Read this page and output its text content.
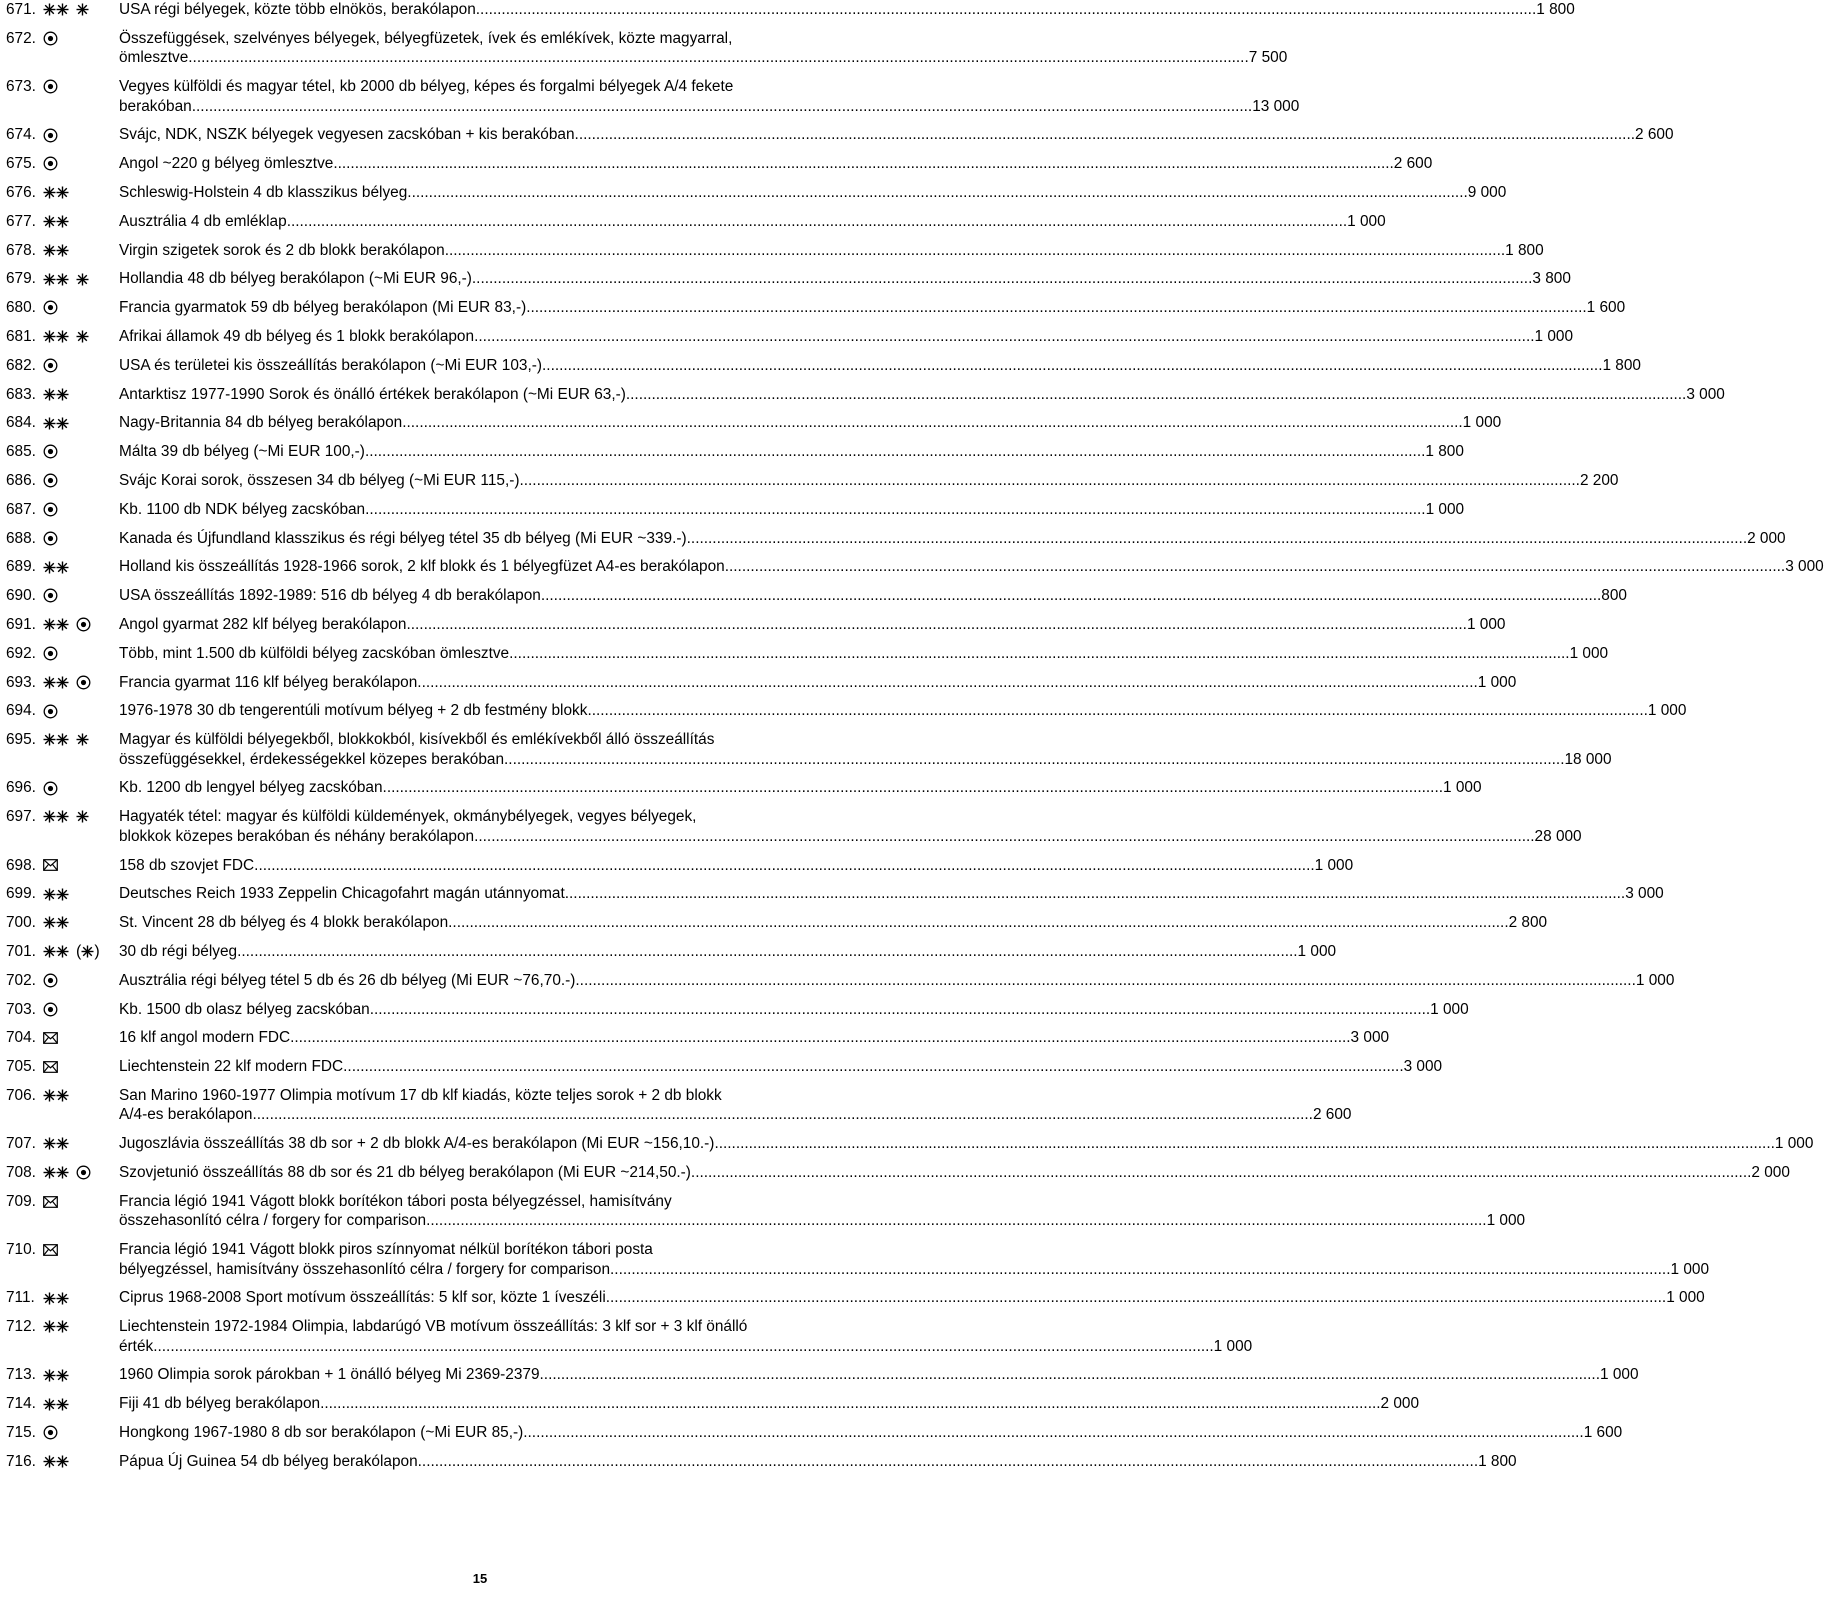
671.	USA régi bélyegek, közte több elnökös, berakólapon .....	1 800
672.	Összefüggések, szelvényes bélyegek, bélyegfüzetek, ívek és emlékívek, közte magyarral,
ömlesztve .....	7 500
673.	Vegyes külföldi és magyar tétel, kb 2000 db bélyeg, képes és forgalmi bélyegek A/4 fekete
berakóban .....	13 000
674.	Svájc, NDK, NSZK bélyegek vegyesen zacskóban + kis berakóban .....	2 600
675.	Angol ~220 g bélyeg ömlesztve .....	2 600
676.	Schleswig-Holstein 4 db klasszikus bélyeg .....	9 000
677.	Ausztrália 4 db emléklap .....	1 000
678.	Virgin szigetek sorok és 2 db blokk berakólapon .....	1 800
679.	Hollandia 48 db bélyeg berakólapon (~Mi EUR 96,-) .....	3 800
680.	Francia gyarmatok 59 db bélyeg berakólapon (Mi EUR 83,-) .....	1 600
681.	Afrikai államok 49 db bélyeg és 1 blokk berakólapon .....	1 000
682.	USA és területei kis összeállítás berakólapon (~Mi EUR 103,-) .....	1 800
683.	Antarktisz 1977-1990 Sorok és önálló értékek berakólapon (~Mi EUR 63,-) .....	3 000
684.	Nagy-Britannia 84 db bélyeg berakólapon .....	1 000
685.	Málta 39 db bélyeg (~Mi EUR 100,-) .....	1 800
686.	Svájc Korai sorok, összesen 34 db bélyeg (~Mi EUR 115,-) .....	2 200
687.	Kb. 1100 db NDK bélyeg zacskóban .....	1 000
688.	Kanada és Újfundland klasszikus és régi bélyeg tétel 35 db bélyeg (Mi EUR ~339.-) .....	2 000
689.	Holland kis összeállítás 1928-1966 sorok, 2 klf blokk és 1 bélyegfüzet A4-es berakólapon .....	3 000
690.	USA összeállítás 1892-1989: 516 db bélyeg 4 db berakólapon .....	800
691.	Angol gyarmat 282 klf bélyeg berakólapon .....	1 000
692.	Több, mint 1.500 db külföldi bélyeg zacskóban ömlesztve .....	1 000
693.	Francia gyarmat 116 klf bélyeg berakólapon .....	1 000
694.	1976-1978 30 db tengerentúli motívum bélyeg + 2 db festmény blokk .....	1 000
695.	Magyar és külföldi bélyegekből, blokkokból, kisívekből és emlékívekből álló összeállítás
összefüggésekkel, érdekességekkel közepes berakóban .....	18 000
696.	Kb. 1200 db lengyel bélyeg zacskóban .....	1 000
697.	Hagyaték tétel: magyar és külföldi küldemények, okmánybélyegek, vegyes bélyegek,
blokkok közepes berakóban és néhány berakólapon .....	28 000
698.	158 db szovjet FDC .....	1 000
699.	Deutsches Reich 1933 Zeppelin Chicagofahrt magán utánnyomat .....	3 000
700.	St. Vincent 28 db bélyeg és 4 blokk berakólapon .....	2 800
701.	( ) 30 db régi bélyeg .....	1 000
702.	Ausztrália régi bélyeg tétel 5 db és 26 db bélyeg (Mi EUR ~76,70.-) .....	1 000
703.	Kb. 1500 db olasz bélyeg zacskóban .....	1 000
704.	16 klf angol modern FDC .....	3 000
705.	Liechtenstein 22 klf modern FDC .....	3 000
706.	San Marino 1960-1977 Olimpia motívum 17 db klf kiadás, közte teljes sorok + 2 db blokk
A/4-es berakólapon .....	2 600
707.	Jugoszlávia összeállítás 38 db sor + 2 db blokk A/4-es berakólapon (Mi EUR ~156,10.-) .....	1 000
708.	Szovjetunió összeállítás 88 db sor és 21 db bélyeg berakólapon (Mi EUR ~214,50.-) .....	2 000
709.	Francia légió 1941 Vágott blokk borítékon tábori posta bélyegzéssel, hamisítvány
összehasonlító célra / forgery for comparison .....	1 000
710.	Francia légió 1941 Vágott blokk piros színnyomat nélkül borítékon tábori posta
bélyegzéssel, hamisítvány összehasonlító célra / forgery for comparison .....	1 000
711.	Ciprus 1968-2008 Sport motívum összeállítás: 5 klf sor, közte 1 íveszéli .....	1 000
712.	Liechtenstein 1972-1984 Olimpia, labdarúgó VB motívum összeállítás: 3 klf sor + 3 klf önálló
érték .....	1 000
713.	1960 Olimpia sorok párokban + 1 önálló bélyeg Mi 2369-2379 .....	1 000
714.	Fiji 41 db bélyeg berakólapon .....	2 000
715.	Hongkong 1967-1980 8 db sor berakólapon (~Mi EUR 85,-) .....	1 600
716.	Pápua Új Guinea 54 db bélyeg berakólapon .....	1 800
15
